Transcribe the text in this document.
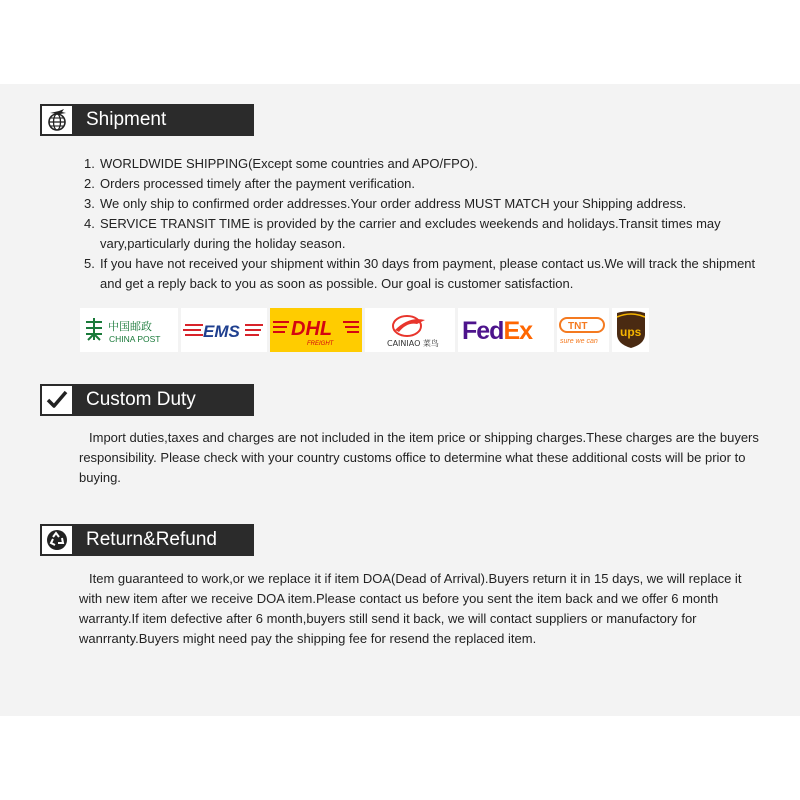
Shipment
1. WORLDWIDE SHIPPING(Except some countries and APO/FPO).
2. Orders processed timely after the payment verification.
3. We only ship to confirmed order addresses.Your order address MUST MATCH your Shipping address.
4. SERVICE TRANSIT TIME is provided by the carrier and excludes weekends and holidays.Transit times may vary,particularly during the holiday season.
5. If you have not received your shipment within 30 days from payment, please contact us.We will track the shipment and get a reply back to you as soon as possible. Our goal is customer satisfaction.
中国邮政
CHINA POST	EMS	DHL
FREIGHT	CAINIAO 菜鸟 FedEx	TNT
sure we can
ups
Custom Duty

Import duties,taxes and charges are not included in the item price or shipping charges.These charges are the buyers responsibility. Please check with your country customs office to determine what these additional costs will be prior to buying.

Return&Refund

Item guaranteed to work,or we replace it if item DOA(Dead of Arrival).Buyers return it in 15 days, we will replace it with new item after we receive DOA item.Please contact us before you sent the item back and we offer 6 month warranty.If item defective after 6 month,buyers still send it back, we will contact suppliers or manufactory for wanrranty.Buyers might need pay the shipping fee for resend the replaced item.
